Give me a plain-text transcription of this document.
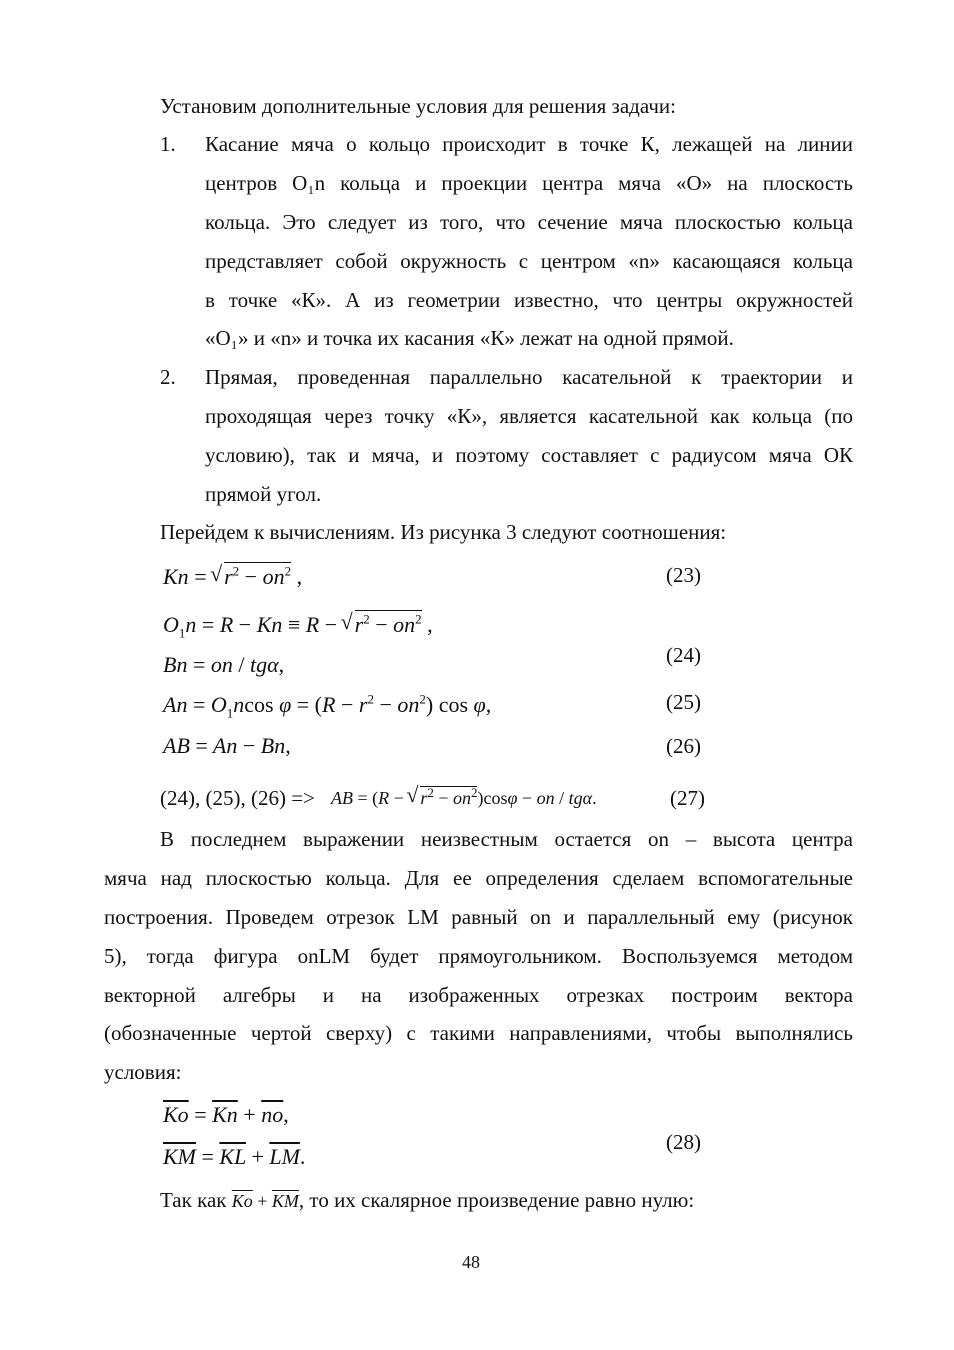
Установим дополнительные условия для решения задачи:
1. Касание мяча о кольцо происходит в точке К, лежащей на линии
центров O₁n кольца и проекции центра мяча «О» на плоскость
кольца. Это следует из того, что сечение мяча плоскостью кольца
представляет собой окружность с центром «n» касающаяся кольца
в точке «К». А из геометрии известно, что центры окружностей
«O₁» и «n» и точка их касания «К» лежат на одной прямой.
2. Прямая, проведенная параллельно касательной к траектории и
проходящая через точку «К», является касательной как кольца (по
условию), так и мяча, и поэтому составляет с радиусом мяча ОК
прямой угол.
Перейдем к вычислениям. Из рисунка 3 следуют соотношения:
Kn = √ $r^2 - on^2$ ,	(23)
$O_1n = R - Kn \equiv R$ − √ $r^2 - on^2$ ,
Bn = on / tgα,	(24)
$An = O_1ncos$ $\varphi = (R - r^2 - on^2)$ cos φ,	(25)
AB = An − Bn,	(26)
(24), (25), (26) => AB = (R − √ $r^2 - on^2)\cos\varphi$ − on / tgα.	(27)
В последнем выражении неизвестным остается on – высота центра
мяча над плоскостью кольца. Для ее определения сделаем вспомогательные
построения. Проведем отрезок LM равный on и параллельный ему (рисунок
5), тогда фигура onLM будет прямоугольником. Воспользуемся методом
векторной алгебры и на изображенных отрезках построим вектора
(обозначенные чертой сверху) с такими направлениями, чтобы выполнялись
условия:
$\overline{Ko} = \overline{Kn} + \overline{no}$,
$\overline{KM} = \overline{KL} + \overline{LM}$.
(28)
Так как $\overline{Ko} + \overline{KM}$, то их скалярное произведение равно нулю:
48
